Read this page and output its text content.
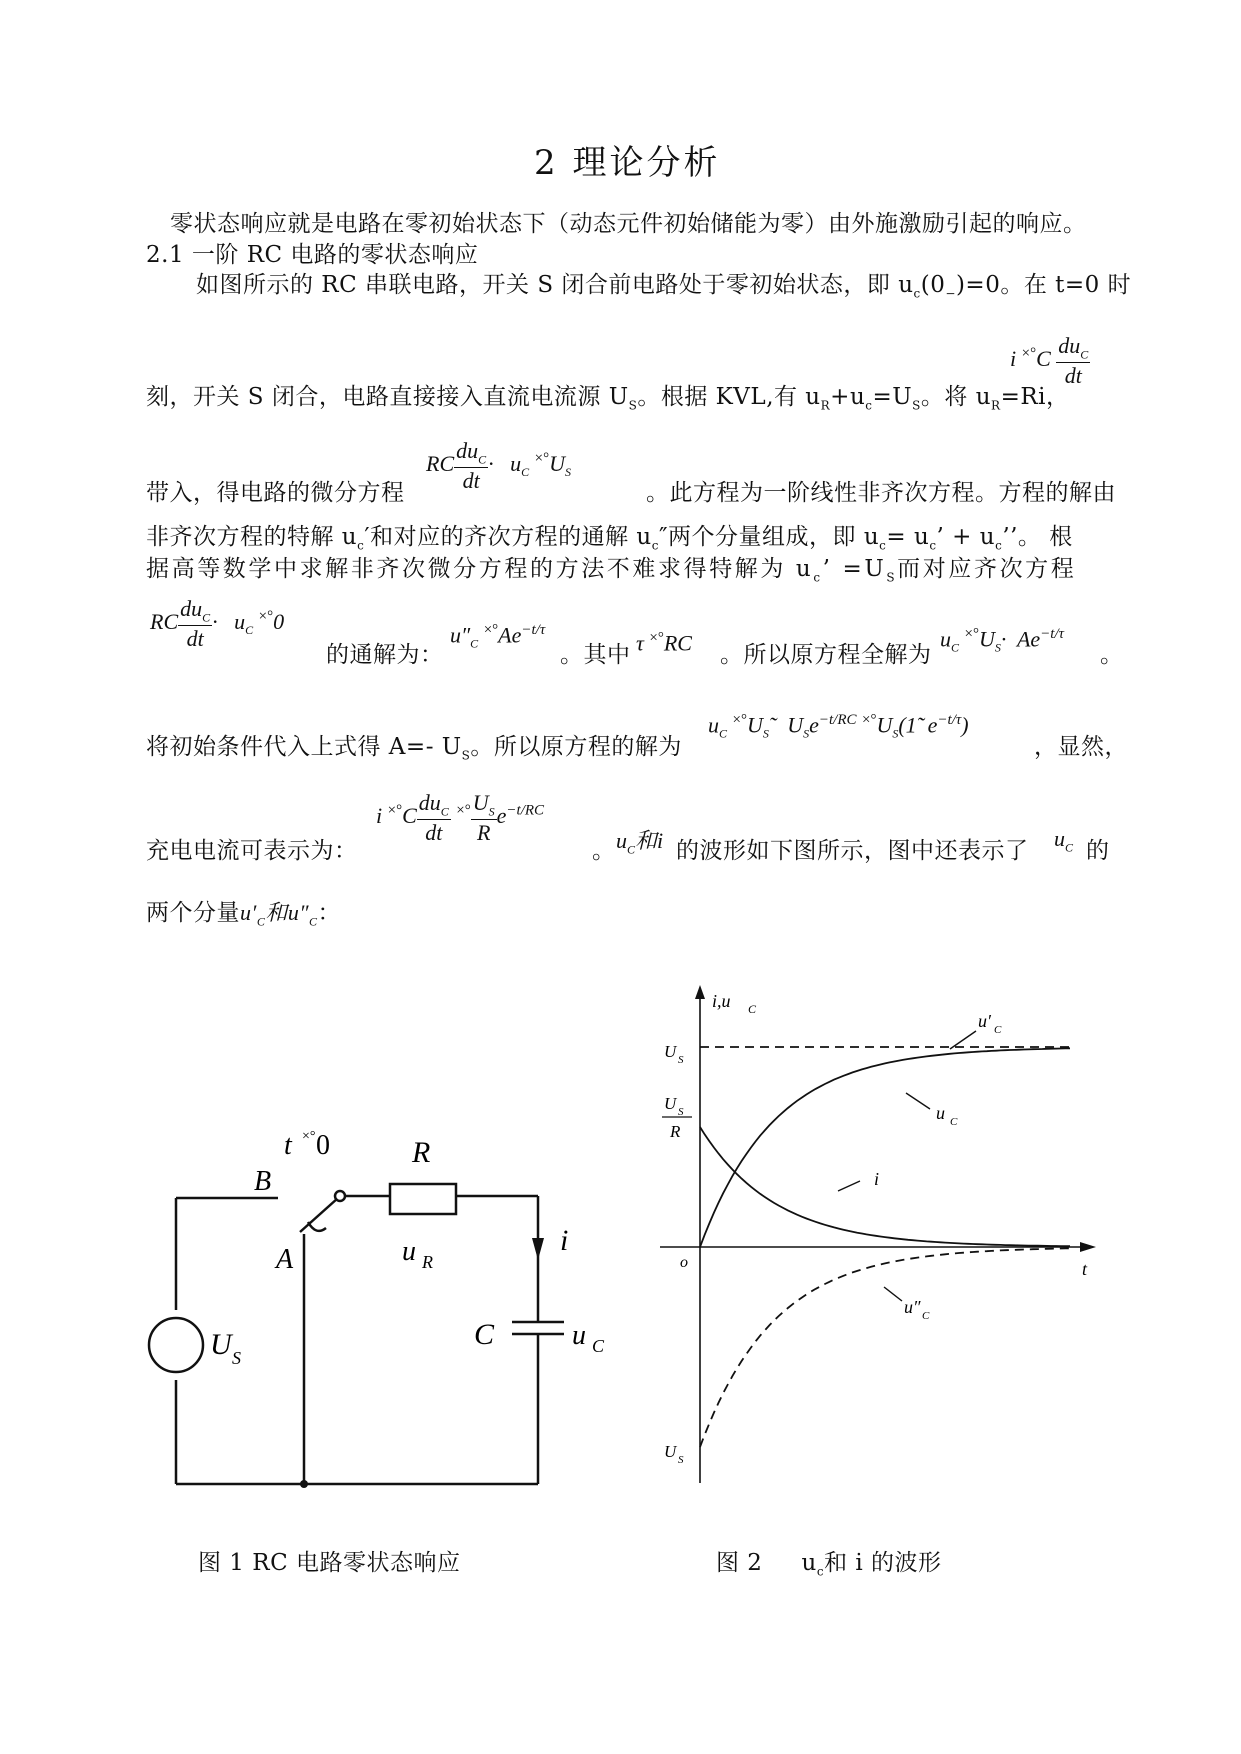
2 理论分析
零状态响应就是电路在零初始状态下（动态元件初始储能为零）由外施激励引起的响应。
2.1 一阶 RC 电路的零状态响应
如图所示的 RC 串联电路，开关 S 闭合前电路处于零初始状态，即 $u_c(0_-)=0$。在 t=0 时
i $^{\times^\circ}C \frac{du_C}{dt}$
刻，开关 S 闭合，电路直接接入直流电流源 $U_S$。根据 KVL,有 $u_R+u_c=U_S$。将 $u_R=Ri$，
带入，得电路的微分方程
RC $\frac{du_C}{dt} \cdot u_C$ $^{\times^\circ}U_S$
。此方程为一阶线性非齐次方程。方程的解由
非齐次方程的特解 $u_c'$和对应的齐次方程的通解 $u_c''$两个分量组成，即 $u_c= u_c$’ + $u_c$’’。 根
据高等数学中求解非齐次微分方程的方法不难求得特解为 $u_c$’ $=U_S$而对应齐次方程
RC $\frac{du_C}{dt} \cdot u_C$ ×°0
的通解为：
$u''_C$ $^{\times^\circ}Ae^{-t/\tau}$
。其中 τ ×°RC 。所以原方程全解为
$u_C$ $^{\times^\circ}U_S\cdot Ae^{-t/\tau}$
。
将初始条件代入上式得 A=- $U_S$。所以原方程的解为
$u_C$ $^{\times^\circ}U_S˜$  $U_Se^{-t/RC}$ $^{\times^\circ}U_S(1̃$  $e^{-t/\tau}$)
，显然，
充电电流可表示为：
i $^{\times^\circ}C \frac{du_C}{dt} ^{\times^\circ} \frac{U_S}{R} e^{-t/RC}$
。 $u_C$和i 的波形如下图所示，图中还表示了 $u_C$ 的
两个分量$u'_C$和$u''_C$：
B
A
t ×° 0	R
u R
i
C	u C
U S
图 1 RC 电路零状态响应
i,u C
o	t
U S
U S
R
U S
u′ C
u C
i
u″ C
图 2 $u_c$和 i 的波形
